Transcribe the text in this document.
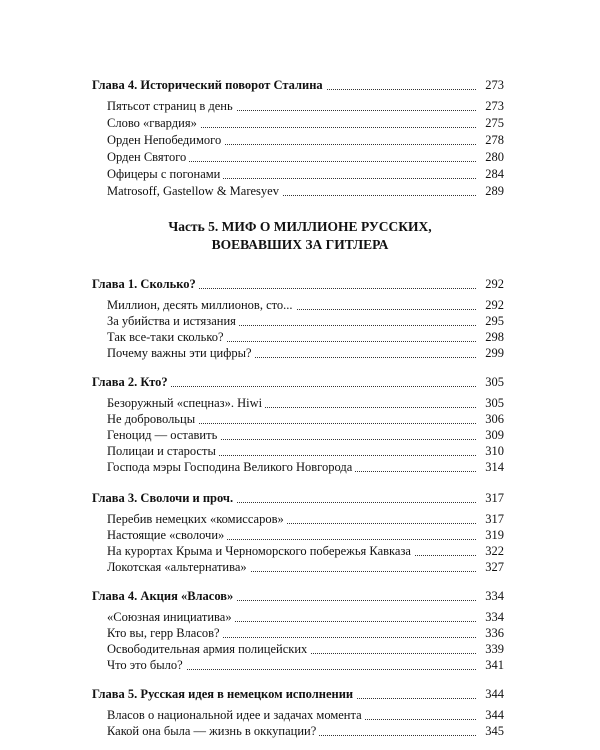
Глава 4. Исторический поворот Сталина	273
Пятьсот страниц в день	273
Слово «гвардия»	275
Орден Непобедимого	278
Орден Святого	280
Офицеры с погонами	284
Matrosoff, Gastellow & Maresyev	289
Часть 5. МИФ О МИЛЛИОНЕ РУССКИХ,
ВОЕВАВШИХ ЗА ГИТЛЕРА
Глава 1. Сколько?	292
Миллион, десять миллионов, сто...	292
За убийства и истязания	295
Так все-таки сколько?	298
Почему важны эти цифры?	299
Глава 2. Кто?	305
Безоружный «спецназ». Hiwi	305
Не добровольцы	306
Геноцид — оставить	309
Полицаи и старосты	310
Господа мэры Господина Великого Новгорода	314
Глава 3. Сволочи и проч.	317
Перебив немецких «комиссаров»	317
Настоящие «сволочи»	319
На курортах Крыма и Черноморского побережья Кавказа	322
Локотская «альтернатива»	327
Глава 4. Акция «Власов»	334
«Союзная инициатива»	334
Кто вы, герр Власов?	336
Освободительная армия полицейских	339
Что это было?	341
Глава 5. Русская идея в немецком исполнении	344
Власов о национальной идее и задачах момента	344
Какой она была — жизнь в оккупации?	345
